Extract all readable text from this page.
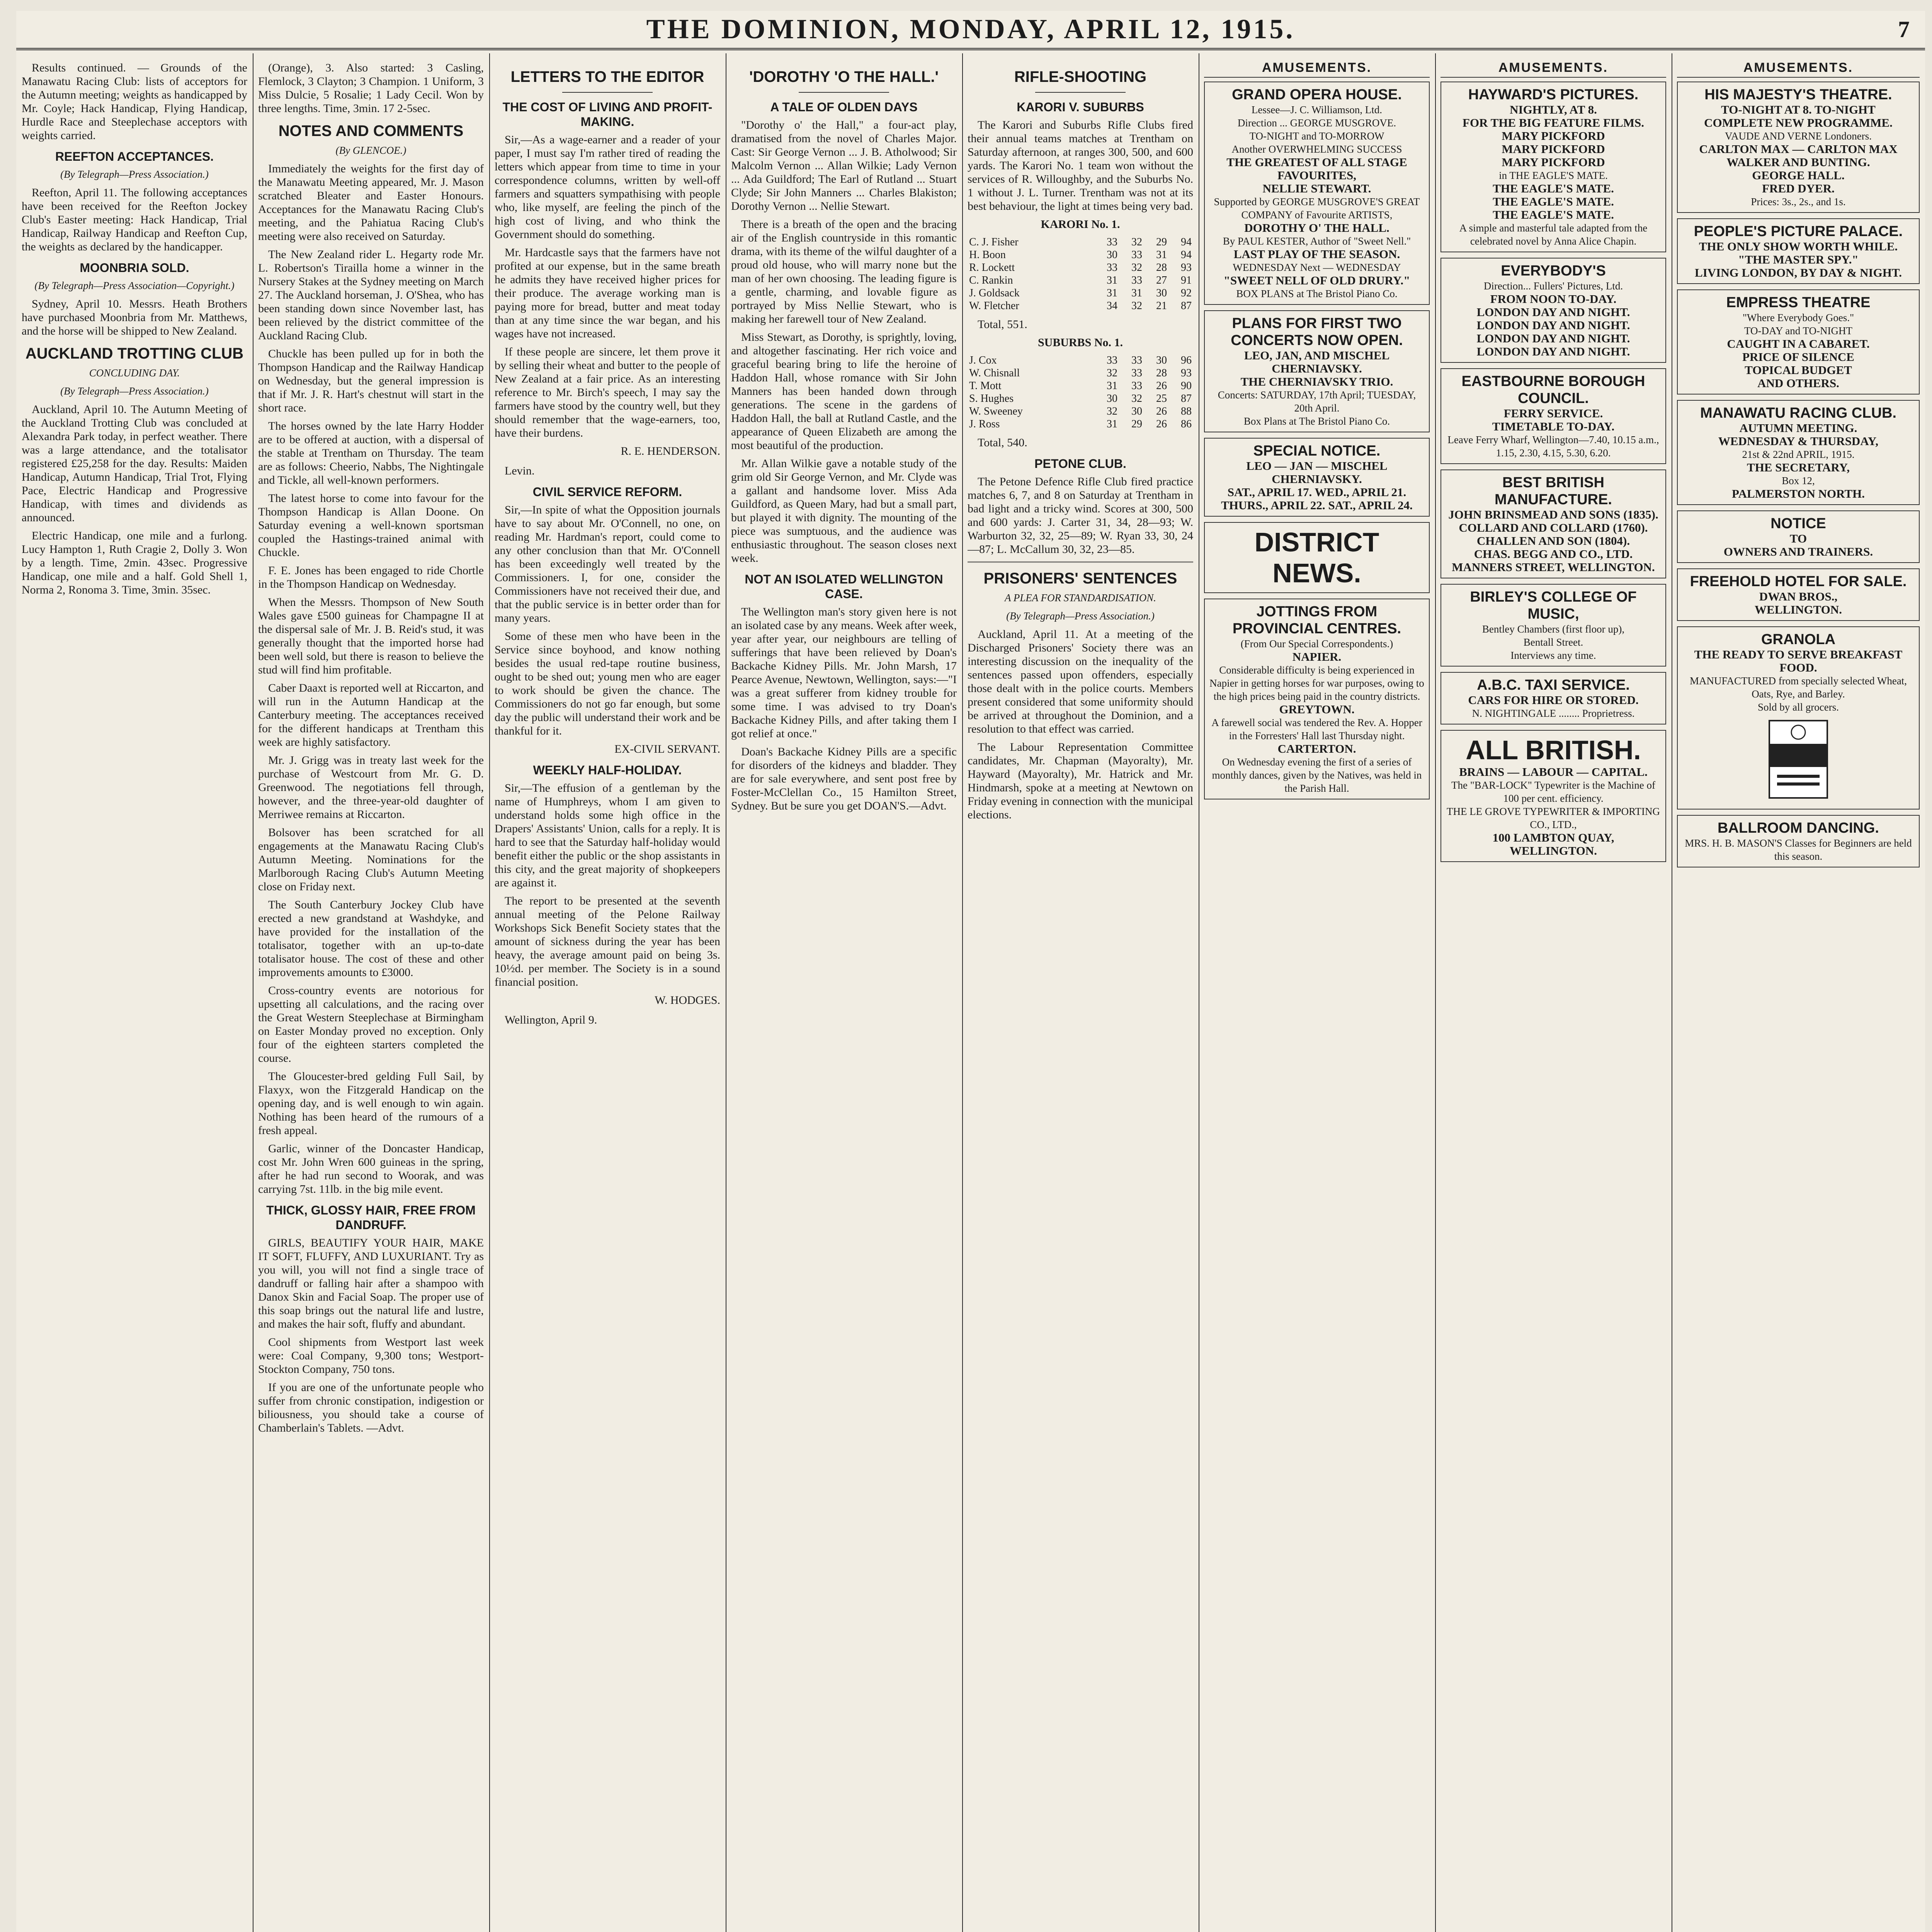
THE DOMINION, MONDAY, APRIL 12, 1915.	7

Results continued. — Grounds of the Manawatu Racing Club: lists of acceptors for the Autumn meeting; weights as handicapped by Mr. Coyle; Hack Handicap, Flying Handicap, Hurdle Race and Steeplechase acceptors with weights carried.

REEFTON ACCEPTANCES.
(By Telegraph—Press Association.)

Reefton, April 11. The following acceptances have been received for the Reefton Jockey Club's Easter meeting: Hack Handicap, Trial Handicap, Railway Handicap and Reefton Cup, the weights as declared by the handicapper.

MOONBRIA SOLD.
(By Telegraph—Press Association—Copyright.)

Sydney, April 10. Messrs. Heath Brothers have purchased Moonbria from Mr. Matthews, and the horse will be shipped to New Zealand.

AUCKLAND TROTTING CLUB
CONCLUDING DAY.
(By Telegraph—Press Association.)

Auckland, April 10. The Autumn Meeting of the Auckland Trotting Club was concluded at Alexandra Park today, in perfect weather. There was a large attendance, and the totalisator registered £25,258 for the day. Results: Maiden Handicap, Autumn Handicap, Trial Trot, Flying Pace, Electric Handicap and Progressive Handicap, with times and dividends as announced.

Electric Handicap, one mile and a furlong. Lucy Hampton 1, Ruth Cragie 2, Dolly 3. Won by a length. Time, 2min. 43sec. Progressive Handicap, one mile and a half. Gold Shell 1, Norma 2, Ronoma 3. Time, 3min. 35sec.

(Orange), 3. Also started: 3 Casling, Flemlock, 3 Clayton; 3 Champion. 1 Uniform, 3 Miss Dulcie, 5 Rosalie; 1 Lady Cecil. Won by three lengths. Time, 3min. 17 2-5sec.

NOTES AND COMMENTS
(By GLENCOE.)

Immediately the weights for the first day of the Manawatu Meeting appeared, Mr. J. Mason scratched Bleater and Easter Honours. Acceptances for the Manawatu Racing Club's meeting, and the Pahiatua Racing Club's meeting were also received on Saturday.

The New Zealand rider L. Hegarty rode Mr. L. Robertson's Tirailla home a winner in the Nursery Stakes at the Sydney meeting on March 27. The Auckland horseman, J. O'Shea, who has been standing down since November last, has been relieved by the district committee of the Auckland Racing Club.

Chuckle has been pulled up for in both the Thompson Handicap and the Railway Handicap on Wednesday, but the general impression is that if Mr. J. R. Hart's chestnut will start in the short race.

The horses owned by the late Harry Hodder are to be offered at auction, with a dispersal of the stable at Trentham on Thursday. The team are as follows: Cheerio, Nabbs, The Nightingale and Tickle, all well-known performers.

The latest horse to come into favour for the Thompson Handicap is Allan Doone. On Saturday evening a well-known sportsman coupled the Hastings-trained animal with Chuckle.

F. E. Jones has been engaged to ride Chortle in the Thompson Handicap on Wednesday.

When the Messrs. Thompson of New South Wales gave £500 guineas for Champagne II at the dispersal sale of Mr. J. B. Reid's stud, it was generally thought that the imported horse had been well sold, but there is reason to believe the stud will find him profitable.

Caber Daaxt is reported well at Riccarton, and will run in the Autumn Handicap at the Canterbury meeting. The acceptances received for the different handicaps at Trentham this week are highly satisfactory.

Mr. J. Grigg was in treaty last week for the purchase of Westcourt from Mr. G. D. Greenwood. The negotiations fell through, however, and the three-year-old daughter of Merriwee remains at Riccarton.

Bolsover has been scratched for all engagements at the Manawatu Racing Club's Autumn Meeting. Nominations for the Marlborough Racing Club's Autumn Meeting close on Friday next.

The South Canterbury Jockey Club have erected a new grandstand at Washdyke, and have provided for the installation of the totalisator, together with an up-to-date totalisator house. The cost of these and other improvements amounts to £3000.

Cross-country events are notorious for upsetting all calculations, and the racing over the Great Western Steeplechase at Birmingham on Easter Monday proved no exception. Only four of the eighteen starters completed the course.

The Gloucester-bred gelding Full Sail, by Flaxyx, won the Fitzgerald Handicap on the opening day, and is well enough to win again. Nothing has been heard of the rumours of a fresh appeal.

Garlic, winner of the Doncaster Handicap, cost Mr. John Wren 600 guineas in the spring, after he had run second to Woorak, and was carrying 7st. 11lb. in the big mile event.

THICK, GLOSSY HAIR, FREE FROM DANDRUFF.

GIRLS, BEAUTIFY YOUR HAIR, MAKE IT SOFT, FLUFFY, AND LUXURIANT. Try as you will, you will not find a single trace of dandruff or falling hair after a shampoo with Danox Skin and Facial Soap. The proper use of this soap brings out the natural life and lustre, and makes the hair soft, fluffy and abundant.

Cool shipments from Westport last week were: Coal Company, 9,300 tons; Westport-Stockton Company, 750 tons.

If you are one of the unfortunate people who suffer from chronic constipation, indigestion or biliousness, you should take a course of Chamberlain's Tablets. —Advt.

LETTERS TO THE EDITOR
THE COST OF LIVING AND PROFIT-MAKING.

Sir,—As a wage-earner and a reader of your paper, I must say I'm rather tired of reading the letters which appear from time to time in your correspondence columns, written by well-off farmers and squatters sympathising with people who, like myself, are feeling the pinch of the high cost of living, and who think the Government should do something.

Mr. Hardcastle says that the farmers have not profited at our expense, but in the same breath he admits they have received higher prices for their produce. The average working man is paying more for bread, butter and meat today than at any time since the war began, and his wages have not increased.

If these people are sincere, let them prove it by selling their wheat and butter to the people of New Zealand at a fair price. As an interesting reference to Mr. Birch's speech, I may say the farmers have stood by the country well, but they should remember that the wage-earners, too, have their burdens.

R. E. HENDERSON.

Levin.

CIVIL SERVICE REFORM.

Sir,—In spite of what the Opposition journals have to say about Mr. O'Connell, no one, on reading Mr. Hardman's report, could come to any other conclusion than that Mr. O'Connell has been exceedingly well treated by the Commissioners. I, for one, consider the Commissioners have not received their due, and that the public service is in better order than for many years.

Some of these men who have been in the Service since boyhood, and know nothing besides the usual red-tape routine business, ought to be shed out; young men who are eager to work should be given the chance. The Commissioners do not go far enough, but some day the public will understand their work and be thankful for it.

EX-CIVIL SERVANT.
WEEKLY HALF-HOLIDAY.

Sir,—The effusion of a gentleman by the name of Humphreys, whom I am given to understand holds some high office in the Drapers' Assistants' Union, calls for a reply. It is hard to see that the Saturday half-holiday would benefit either the public or the shop assistants in this city, and the great majority of shopkeepers are against it.

The report to be presented at the seventh annual meeting of the Pelone Railway Workshops Sick Benefit Society states that the amount of sickness during the year has been heavy, the average amount paid on being 3s. 10½d. per member. The Society is in a sound financial position.

W. HODGES.

Wellington, April 9.

'DOROTHY 'O THE HALL.'
A TALE OF OLDEN DAYS

"Dorothy o' the Hall," a four-act play, dramatised from the novel of Charles Major. Cast: Sir George Vernon ... J. B. Atholwood; Sir Malcolm Vernon ... Allan Wilkie; Lady Vernon ... Ada Guildford; The Earl of Rutland ... Stuart Clyde; Sir John Manners ... Charles Blakiston; Dorothy Vernon ... Nellie Stewart.

There is a breath of the open and the bracing air of the English countryside in this romantic drama, with its theme of the wilful daughter of a proud old house, who will marry none but the man of her own choosing. The leading figure is a gentle, charming, and lovable figure as portrayed by Miss Nellie Stewart, who is making her farewell tour of New Zealand.

Miss Stewart, as Dorothy, is sprightly, loving, and altogether fascinating. Her rich voice and graceful bearing bring to life the heroine of Haddon Hall, whose romance with Sir John Manners has been handed down through generations. The scene in the gardens of Haddon Hall, the ball at Rutland Castle, and the appearance of Queen Elizabeth are among the most beautiful of the production.

Mr. Allan Wilkie gave a notable study of the grim old Sir George Vernon, and Mr. Clyde was a gallant and handsome lover. Miss Ada Guildford, as Queen Mary, had but a small part, but played it with dignity. The mounting of the piece was sumptuous, and the audience was enthusiastic throughout. The season closes next week.

NOT AN ISOLATED WELLINGTON CASE.

The Wellington man's story given here is not an isolated case by any means. Week after week, year after year, our neighbours are telling of sufferings that have been relieved by Doan's Backache Kidney Pills. Mr. John Marsh, 17 Pearce Avenue, Newtown, Wellington, says:—"I was a great sufferer from kidney trouble for some time. I was advised to try Doan's Backache Kidney Pills, and after taking them I got relief at once."

Doan's Backache Kidney Pills are a specific for disorders of the kidneys and bladder. They are for sale everywhere, and sent post free by Foster-McClellan Co., 15 Hamilton Street, Sydney. But be sure you get DOAN'S.—Advt.

RIFLE-SHOOTING
KARORI V. SUBURBS

The Karori and Suburbs Rifle Clubs fired their annual teams matches at Trentham on Saturday afternoon, at ranges 300, 500, and 600 yards. The Karori No. 1 team won without the services of R. Willoughby, and the Suburbs No. 1 without J. L. Turner. Trentham was not at its best behaviour, the light at times being very bad.

KARORI No. 1.

C. J. Fisher	33	32	29	94
H. Boon	30	33	31	94
R. Lockett	33	32	28	93
C. Rankin	31	33	27	91
J. Goldsack	31	31	30	92
W. Fletcher	34	32	21	87

Total, 551.

SUBURBS No. 1.

J. Cox	33	33	30	96
W. Chisnall	32	33	28	93
T. Mott	31	33	26	90
S. Hughes	30	32	25	87
W. Sweeney	32	30	26	88
J. Ross	31	29	26	86

Total, 540.

PETONE CLUB.

The Petone Defence Rifle Club fired practice matches 6, 7, and 8 on Saturday at Trentham in bad light and a tricky wind. Scores at 300, 500 and 600 yards: J. Carter 31, 34, 28—93; W. Warburton 32, 32, 25—89; W. Ryan 33, 30, 24—87; L. McCallum 30, 32, 23—85.

PRISONERS' SENTENCES
A PLEA FOR STANDARDISATION.
(By Telegraph—Press Association.)

Auckland, April 11. At a meeting of the Discharged Prisoners' Society there was an interesting discussion on the inequality of the sentences passed upon offenders, especially those dealt with in the police courts. Members present considered that some uniformity should be arrived at throughout the Dominion, and a resolution to that effect was carried.

The Labour Representation Committee candidates, Mr. Chapman (Mayoralty), Mr. Hayward (Mayoralty), Mr. Hatrick and Mr. Hindmarsh, spoke at a meeting at Newtown on Friday evening in connection with the municipal elections.

AMUSEMENTS.
GRAND OPERA HOUSE.
Lessee—J. C. Williamson, Ltd.
Direction ... GEORGE MUSGROVE.
TO-NIGHT and TO-MORROW
Another OVERWHELMING SUCCESS
THE GREATEST OF ALL STAGE FAVOURITES,
NELLIE STEWART.
Supported by GEORGE MUSGROVE'S GREAT COMPANY of Favourite ARTISTS,
DOROTHY O' THE HALL.
By PAUL KESTER, Author of "Sweet Nell."
LAST PLAY OF THE SEASON.
WEDNESDAY Next — WEDNESDAY
"SWEET NELL OF OLD DRURY."
BOX PLANS at The Bristol Piano Co.
PLANS FOR FIRST TWO CONCERTS NOW OPEN.
LEO, JAN, AND MISCHEL
CHERNIAVSKY.
THE CHERNIAVSKY TRIO.
Concerts: SATURDAY, 17th April; TUESDAY, 20th April.
Box Plans at The Bristol Piano Co.
SPECIAL NOTICE.
LEO — JAN — MISCHEL
CHERNIAVSKY.
SAT., APRIL 17. WED., APRIL 21.
THURS., APRIL 22. SAT., APRIL 24.
DISTRICT NEWS.
JOTTINGS FROM PROVINCIAL CENTRES.
(From Our Special Correspondents.)
NAPIER.
Considerable difficulty is being experienced in Napier in getting horses for war purposes, owing to the high prices being paid in the country districts.
GREYTOWN.
A farewell social was tendered the Rev. A. Hopper in the Forresters' Hall last Thursday night.
CARTERTON.
On Wednesday evening the first of a series of monthly dances, given by the Natives, was held in the Parish Hall.
AMUSEMENTS.
HAYWARD'S PICTURES.
NIGHTLY, AT 8.
FOR THE BIG FEATURE FILMS.
MARY PICKFORD
MARY PICKFORD
MARY PICKFORD
in THE EAGLE'S MATE.
THE EAGLE'S MATE.
THE EAGLE'S MATE.
THE EAGLE'S MATE.
A simple and masterful tale adapted from the celebrated novel by Anna Alice Chapin.
EVERYBODY'S
Direction... Fullers' Pictures, Ltd.
FROM NOON TO-DAY.
LONDON DAY AND NIGHT.
LONDON DAY AND NIGHT.
LONDON DAY AND NIGHT.
LONDON DAY AND NIGHT.
EASTBOURNE BOROUGH COUNCIL.
FERRY SERVICE.
TIMETABLE TO-DAY.
Leave Ferry Wharf, Wellington—7.40, 10.15 a.m., 1.15, 2.30, 4.15, 5.30, 6.20.
BEST BRITISH MANUFACTURE.
JOHN BRINSMEAD AND SONS (1835).
COLLARD AND COLLARD (1760).
CHALLEN AND SON (1804).
CHAS. BEGG AND CO., LTD.
MANNERS STREET, WELLINGTON.
BIRLEY'S COLLEGE OF MUSIC,
Bentley Chambers (first floor up),
Bentall Street.
Interviews any time.
A.B.C. TAXI SERVICE.
CARS FOR HIRE OR STORED.
N. NIGHTINGALE ........ Proprietress.
ALL BRITISH.
BRAINS — LABOUR — CAPITAL.
The "BAR-LOCK" Typewriter is the Machine of 100 per cent. efficiency.
THE LE GROVE TYPEWRITER & IMPORTING CO., LTD.,
100 LAMBTON QUAY,
WELLINGTON.
AMUSEMENTS.
HIS MAJESTY'S THEATRE.
TO-NIGHT AT 8. TO-NIGHT
COMPLETE NEW PROGRAMME.
VAUDE AND VERNE Londoners.
CARLTON MAX — CARLTON MAX
WALKER AND BUNTING.
GEORGE HALL.
FRED DYER.
Prices: 3s., 2s., and 1s.
PEOPLE'S PICTURE PALACE.
THE ONLY SHOW WORTH WHILE.
"THE MASTER SPY."
LIVING LONDON, BY DAY & NIGHT.
EMPRESS THEATRE
"Where Everybody Goes."
TO-DAY and TO-NIGHT
CAUGHT IN A CABARET.
PRICE OF SILENCE
TOPICAL BUDGET
AND OTHERS.
MANAWATU RACING CLUB.
AUTUMN MEETING.
WEDNESDAY & THURSDAY,
21st & 22nd APRIL, 1915.
THE SECRETARY,
Box 12,
PALMERSTON NORTH.
NOTICE
TO
OWNERS AND TRAINERS.
FREEHOLD HOTEL FOR SALE.
DWAN BROS.,
WELLINGTON.
GRANOLA
THE READY TO SERVE BREAKFAST FOOD.
MANUFACTURED from specially selected Wheat, Oats, Rye, and Barley.
Sold by all grocers.
BALLROOM DANCING.
MRS. H. B. MASON'S Classes for Beginners are held this season.
